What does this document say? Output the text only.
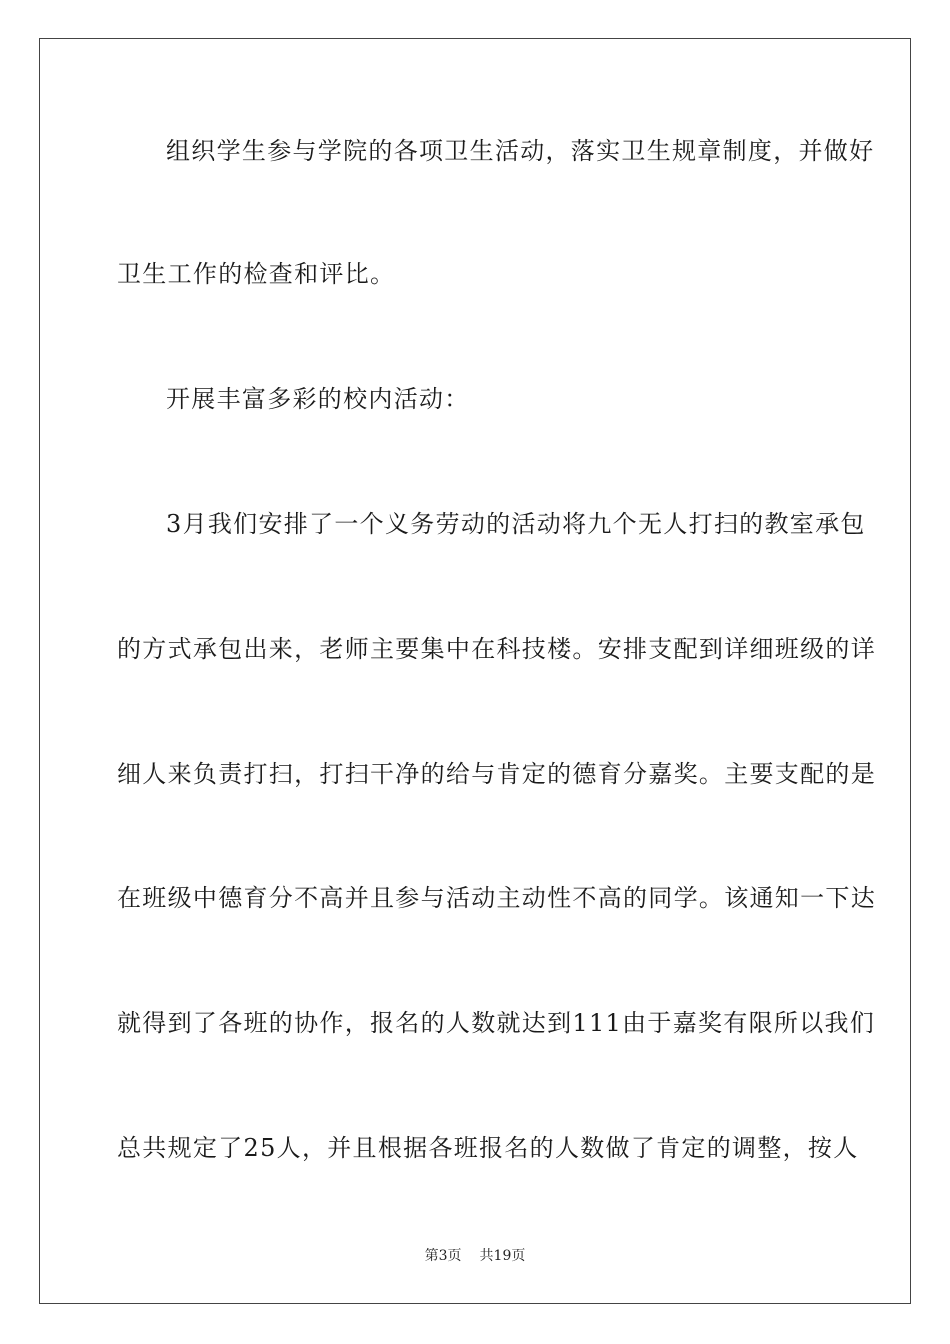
组织学生参与学院的各项卫生活动，落实卫生规章制度，并做好
卫生工作的检查和评比。
开展丰富多彩的校内活动：
3月我们安排了一个义务劳动的活动将九个无人打扫的教室承包
的方式承包出来，老师主要集中在科技楼。安排支配到详细班级的详
细人来负责打扫，打扫干净的给与肯定的德育分嘉奖。主要支配的是
在班级中德育分不高并且参与活动主动性不高的同学。该通知一下达
就得到了各班的协作，报名的人数就达到111由于嘉奖有限所以我们
总共规定了25人，并且根据各班报名的人数做了肯定的调整，按人
第3页 共19页
